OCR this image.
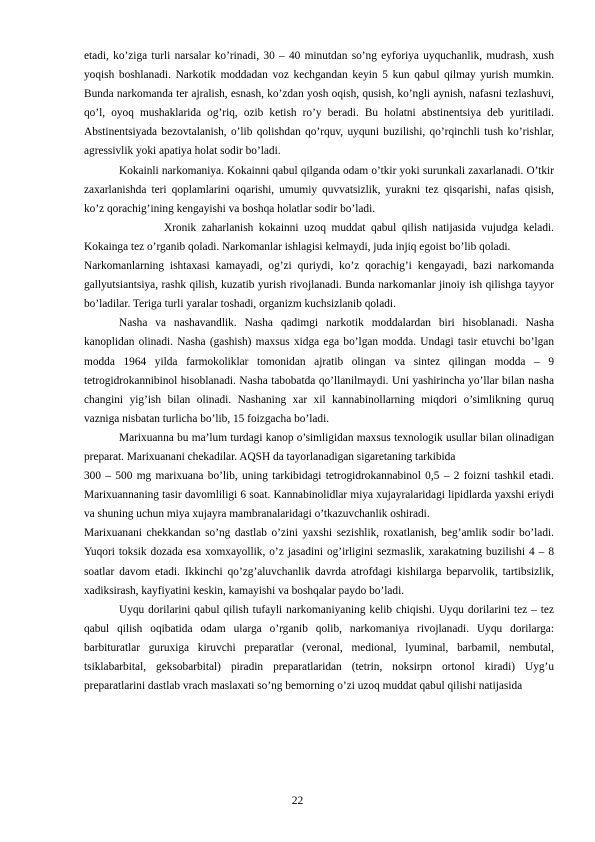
etadi, ko’ziga turli narsalar ko’rinadi, 30 – 40 minutdan so’ng eyforiya uyquchanlik, mudrash, xush yoqish boshlanadi. Narkotik moddadan voz kechgandan keyin 5 kun qabul qilmay yurish mumkin. Bunda narkomanda ter ajralish, esnash, ko’zdan yosh oqish, qusish, ko’ngli aynish, nafasni tezlashuvi, qo’l, oyoq mushaklarida og’riq, ozib ketish ro’y beradi. Bu holatni abstinentsiya deb yuritiladi. Abstinentsiyada bezovtalanish, o’lib qolishdan qo’rquv, uyquni buzilishi, qo’rqinchli tush ko’rishlar, agressivlik yoki apatiya holat sodir bo’ladi.

Kokainli narkomaniya. Kokainni qabul qilganda odam o’tkir yoki surunkali zaxarlanadi. O’tkir zaxarlanishda teri qoplamlarini oqarishi, umumiy quvvatsizlik, yurakni tez qisqarishi, nafas qisish, ko’z qorachig’ining kengayishi va boshqa holatlar sodir bo’ladi.

Xronik zaharlanish kokainni uzoq muddat qabul qilish natijasida vujudga keladi. Kokainga tez o’rganib qoladi. Narkomanlar ishlagisi kelmaydi, juda injiq egoist bo’lib qoladi.

Narkomanlarning ishtaxasi kamayadi, og’zi quriydi, ko’z qorachig’i kengayadi, bazi narkomanda gallyutsiantsiya, rashk qilish, kuzatib yurish rivojlanadi. Bunda narkomanlar jinoiy ish qilishga tayyor bo’ladilar. Teriga turli yaralar toshadi, organizm kuchsizlanib qoladi.

Nasha va nashavandlik. Nasha qadimgi narkotik moddalardan biri hisoblanadi. Nasha kanoplidan olinadi. Nasha (gashish) maxsus xidga ega bo’lgan modda. Undagi tasir etuvchi bo’lgan modda 1964 yilda farmokoliklar tomonidan ajratib olingan va sintez qilingan modda – 9 tetrogidrokannibinol hisoblanadi. Nasha tabobatda qo’llanilmaydi. Uni yashirincha yo’llar bilan nasha changini yig’ish bilan olinadi. Nashaning xar xil kannabinollarning miqdori o’simlikning quruq vazniga nisbatan turlicha bo’lib, 15 foizgacha bo’ladi.

Marixuanna bu ma’lum turdagi kanop o’simligidan maxsus texnologik usullar bilan olinadigan preparat. Marixuanani chekadilar. AQSH da tayorlanadigan sigaretaning tarkibida

300 – 500 mg marixuana bo’lib, uning tarkibidagi tetrogidrokannabinol 0,5 – 2 foizni tashkil etadi. Marixuannaning tasir davomliligi 6 soat. Kannabinolidlar miya xujayralaridagi lipidlarda yaxshi eriydi va shuning uchun miya xujayra mambranalaridagi o’tkazuvchanlik oshiradi.

Marixuanani chekkandan so’ng dastlab o’zini yaxshi sezishlik, roxatlanish, beg’amlik sodir bo’ladi. Yuqori toksik dozada esa xomxayollik, o’z jasadini og’irligini sezmaslik, xarakatning buzilishi 4 – 8 soatlar davom etadi. Ikkinchi qo’zg’aluvchanlik davrda atrofdagi kishilarga beparvolik, tartibsizlik, xadiksirash, kayfiyatini keskin, kamayishi va boshqalar paydo bo’ladi.

Uyqu dorilarini qabul qilish tufayli narkomaniyaning kelib chiqishi. Uyqu dorilarini tez – tez qabul qilish oqibatida odam ularga o’rganib qolib, narkomaniya rivojlanadi. Uyqu dorilarga: barbituratlar guruxiga kiruvchi preparatlar (veronal, medional, lyuminal, barbamil, nembutal, tsiklabarbital, geksobarbital) piradin preparatlaridan (tetrin, noksirpn ortonol kiradi) Uyg’u preparatlarini dastlab vrach maslaxati so’ng bemorning o’zi uzoq muddat qabul qilishi natijasida

22
